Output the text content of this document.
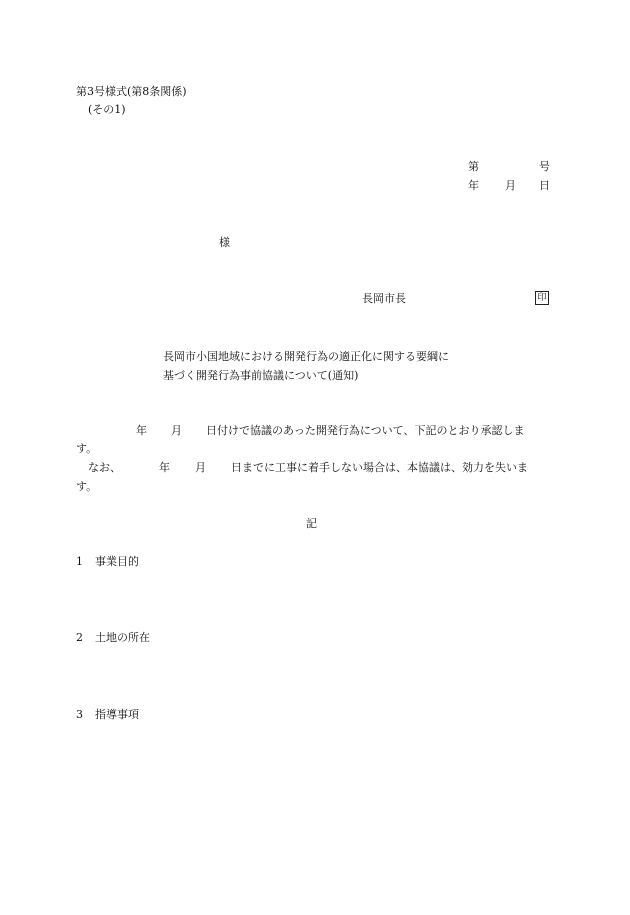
第3号様式(第8条関係)
(その1)
第	号
年 月 日
様
長岡市長	印
長岡市小国地域における開発行為の適正化に関する要綱に
基づく開発行為事前協議について(通知)
年 月 日付けで協議のあった開発行為について、下記のとおり承認しま
す。
なお、	年 月 日までに工事に着手しない場合は、本協議は、効力を失いま
す。
記
1 事業目的
2 土地の所在
3 指導事項
